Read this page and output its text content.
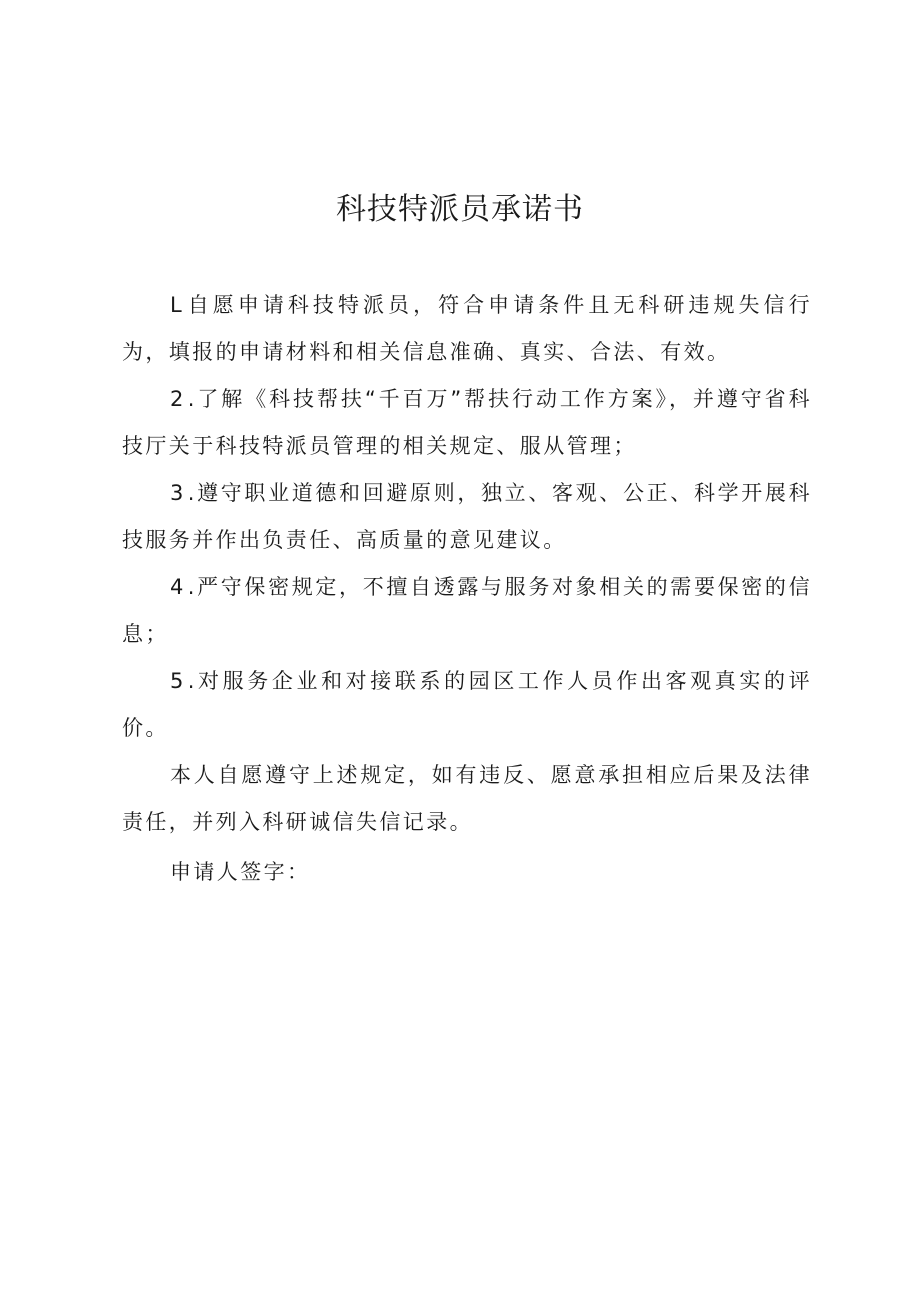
科技特派员承诺书

L自愿申请科技特派员，符合申请条件且无科研违规失信行为，填报的申请材料和相关信息准确、真实、合法、有效。

2.了解《科技帮扶“千百万”帮扶行动工作方案》，并遵守省科技厅关于科技特派员管理的相关规定、服从管理；

3.遵守职业道德和回避原则，独立、客观、公正、科学开展科技服务并作出负责任、高质量的意见建议。

4.严守保密规定，不擅自透露与服务对象相关的需要保密的信息；

5.对服务企业和对接联系的园区工作人员作出客观真实的评价。

本人自愿遵守上述规定，如有违反、愿意承担相应后果及法律责任，并列入科研诚信失信记录。

申请人签字：
